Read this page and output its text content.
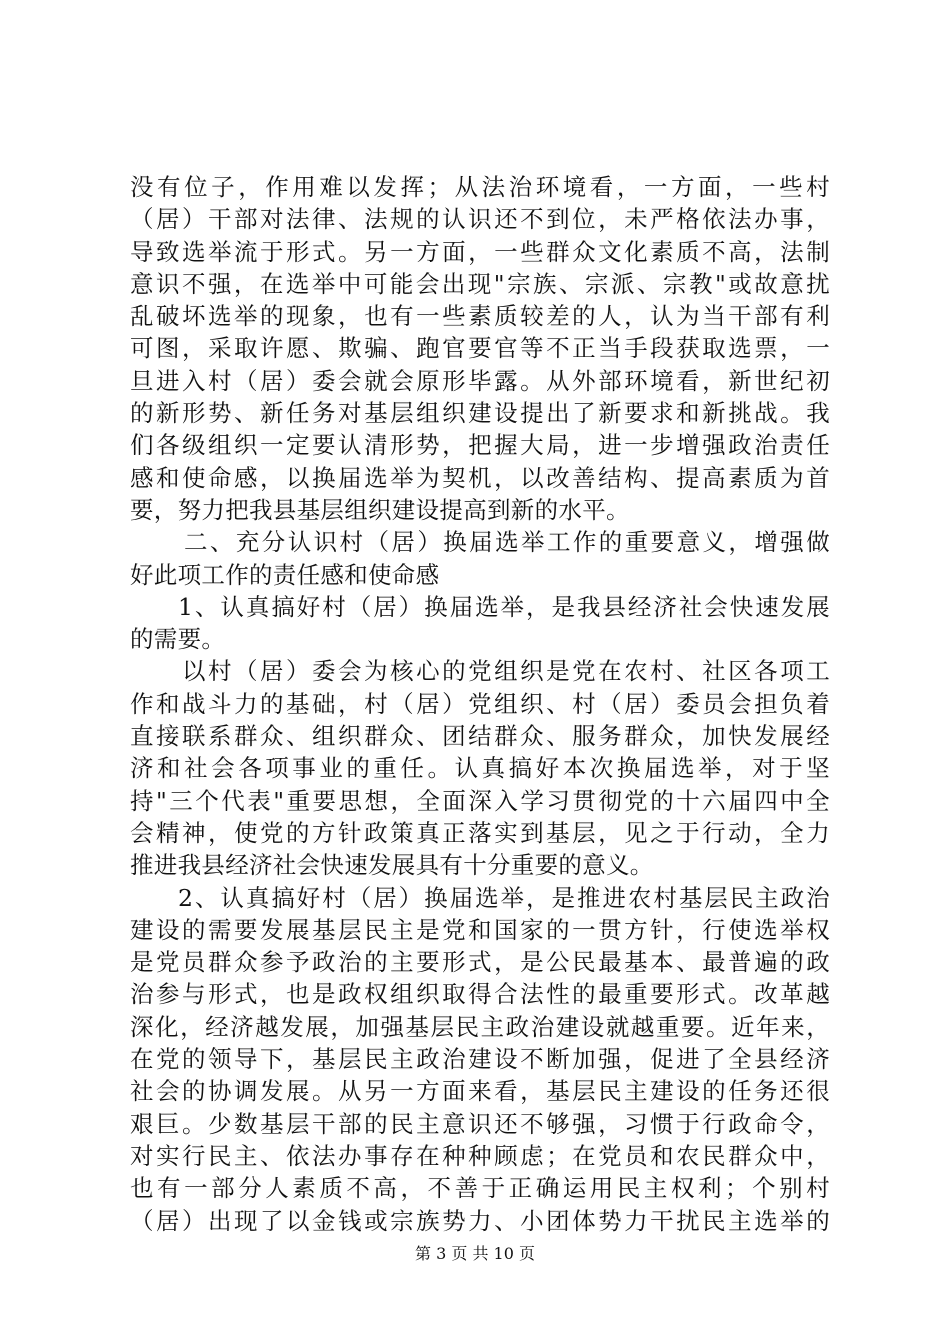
没有位子，作用难以发挥；从法治环境看，一方面，一些村
（居）干部对法律、法规的认识还不到位，未严格依法办事，
导致选举流于形式。另一方面，一些群众文化素质不高，法制
意识不强，在选举中可能会出现"宗族、宗派、宗教"或故意扰
乱破坏选举的现象，也有一些素质较差的人，认为当干部有利
可图，采取许愿、欺骗、跑官要官等不正当手段获取选票，一
旦进入村（居）委会就会原形毕露。从外部环境看，新世纪初
的新形势、新任务对基层组织建设提出了新要求和新挑战。我
们各级组织一定要认清形势，把握大局，进一步增强政治责任
感和使命感，以换届选举为契机，以改善结构、提高素质为首
要，努力把我县基层组织建设提高到新的水平。
二、充分认识村（居）换届选举工作的重要意义，增强做
好此项工作的责任感和使命感
1、认真搞好村（居）换届选举，是我县经济社会快速发展
的需要。
以村（居）委会为核心的党组织是党在农村、社区各项工
作和战斗力的基础，村（居）党组织、村（居）委员会担负着
直接联系群众、组织群众、团结群众、服务群众，加快发展经
济和社会各项事业的重任。认真搞好本次换届选举，对于坚
持"三个代表"重要思想，全面深入学习贯彻党的十六届四中全
会精神，使党的方针政策真正落实到基层，见之于行动，全力
推进我县经济社会快速发展具有十分重要的意义。
2、认真搞好村（居）换届选举，是推进农村基层民主政治
建设的需要发展基层民主是党和国家的一贯方针，行使选举权
是党员群众参予政治的主要形式，是公民最基本、最普遍的政
治参与形式，也是政权组织取得合法性的最重要形式。改革越
深化，经济越发展，加强基层民主政治建设就越重要。近年来，
在党的领导下，基层民主政治建设不断加强，促进了全县经济
社会的协调发展。从另一方面来看，基层民主建设的任务还很
艰巨。少数基层干部的民主意识还不够强，习惯于行政命令，
对实行民主、依法办事存在种种顾虑；在党员和农民群众中，
也有一部分人素质不高，不善于正确运用民主权利；个别村
（居）出现了以金钱或宗族势力、小团体势力干扰民主选举的
第 3 页 共 10 页
